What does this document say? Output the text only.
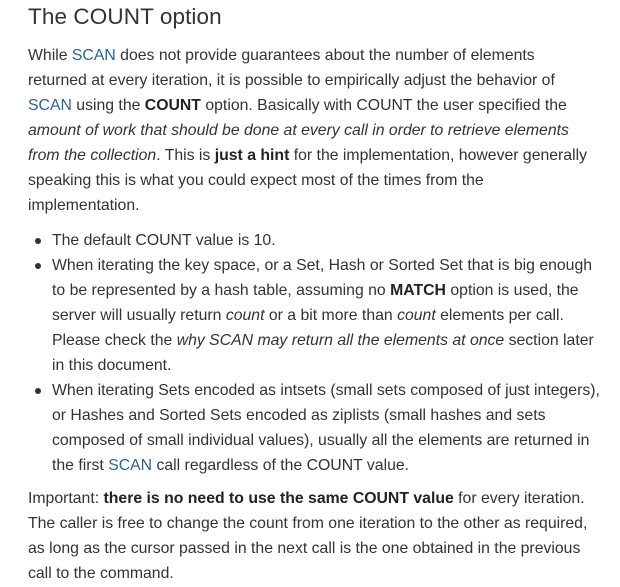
The COUNT option

While SCAN does not provide guarantees about the number of elements returned at every iteration, it is possible to empirically adjust the behavior of SCAN using the COUNT option. Basically with COUNT the user specified the amount of work that should be done at every call in order to retrieve elements from the collection. This is just a hint for the implementation, however generally speaking this is what you could expect most of the times from the implementation.

The default COUNT value is 10.
When iterating the key space, or a Set, Hash or Sorted Set that is big enough to be represented by a hash table, assuming no MATCH option is used, the server will usually return count or a bit more than count elements per call. Please check the why SCAN may return all the elements at once section later in this document.
When iterating Sets encoded as intsets (small sets composed of just integers), or Hashes and Sorted Sets encoded as ziplists (small hashes and sets composed of small individual values), usually all the elements are returned in the first SCAN call regardless of the COUNT value.

Important: there is no need to use the same COUNT value for every iteration. The caller is free to change the count from one iteration to the other as required, as long as the cursor passed in the next call is the one obtained in the previous call to the command.
